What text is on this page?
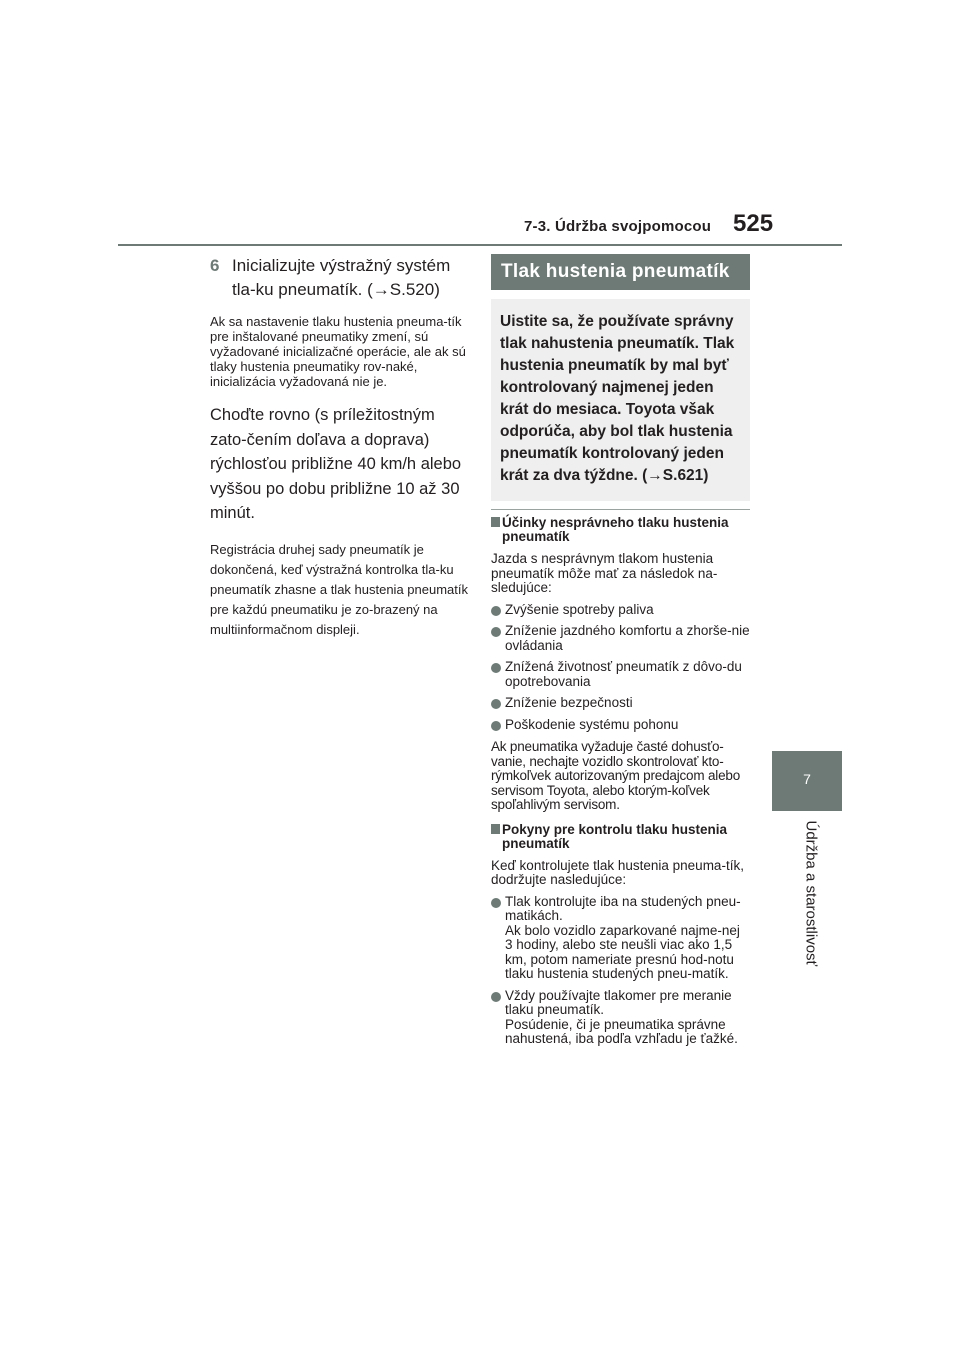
7-3. Údržba svojpomocou 525
7
Údržba a starostlivosť
6 Inicializujte výstražný systém tla-ku pneumatík. (→S.520)
Ak sa nastavenie tlaku hustenia pneuma-tík pre inštalované pneumatiky zmení, sú vyžadované inicializačné operácie, ale ak sú tlaky hustenia pneumatiky rov-naké, inicializácia vyžadovaná nie je.
Choďte rovno (s príležitostným zato-čením doľava a doprava) rýchlosťou približne 40 km/h alebo vyššou po dobu približne 10 až 30 minút.
Registrácia druhej sady pneumatík je dokončená, keď výstražná kontrolka tla-ku pneumatík zhasne a tlak hustenia pneumatík pre každú pneumatiku je zo-brazený na multiinformačnom displeji.
Tlak hustenia pneumatík
Uistite sa, že používate správny tlak nahustenia pneumatík. Tlak hustenia pneumatík by mal byť kontrolovaný najmenej jeden krát do mesiaca. Toyota však odporúča, aby bol tlak hustenia pneumatík kontrolovaný jeden krát za dva týždne. (→S.621)
Účinky nesprávneho tlaku hustenia pneumatík
Jazda s nesprávnym tlakom hustenia pneumatík môže mať za následok na-sledujúce:
Zvýšenie spotreby paliva
Zníženie jazdného komfortu a zhorše-nie ovládania
Znížená životnosť pneumatík z dôvo-du opotrebovania
Zníženie bezpečnosti
Poškodenie systému pohonu
Ak pneumatika vyžaduje časté dohusťo-vanie, nechajte vozidlo skontrolovať kto-rýmkoľvek autorizovaným predajcom alebo servisom Toyota, alebo ktorým-koľvek spoľahlivým servisom.
Pokyny pre kontrolu tlaku hustenia pneumatík
Keď kontrolujete tlak hustenia pneuma-tík, dodržujte nasledujúce:
Tlak kontrolujte iba na studených pneu-matikách.
Ak bolo vozidlo zaparkované najme-nej 3 hodiny, alebo ste neušli viac ako 1,5 km, potom nameriate presnú hod-notu tlaku hustenia studených pneu-matík.
Vždy používajte tlakomer pre meranie tlaku pneumatík.
Posúdenie, či je pneumatika správne nahustená, iba podľa vzhľadu je ťažké.
